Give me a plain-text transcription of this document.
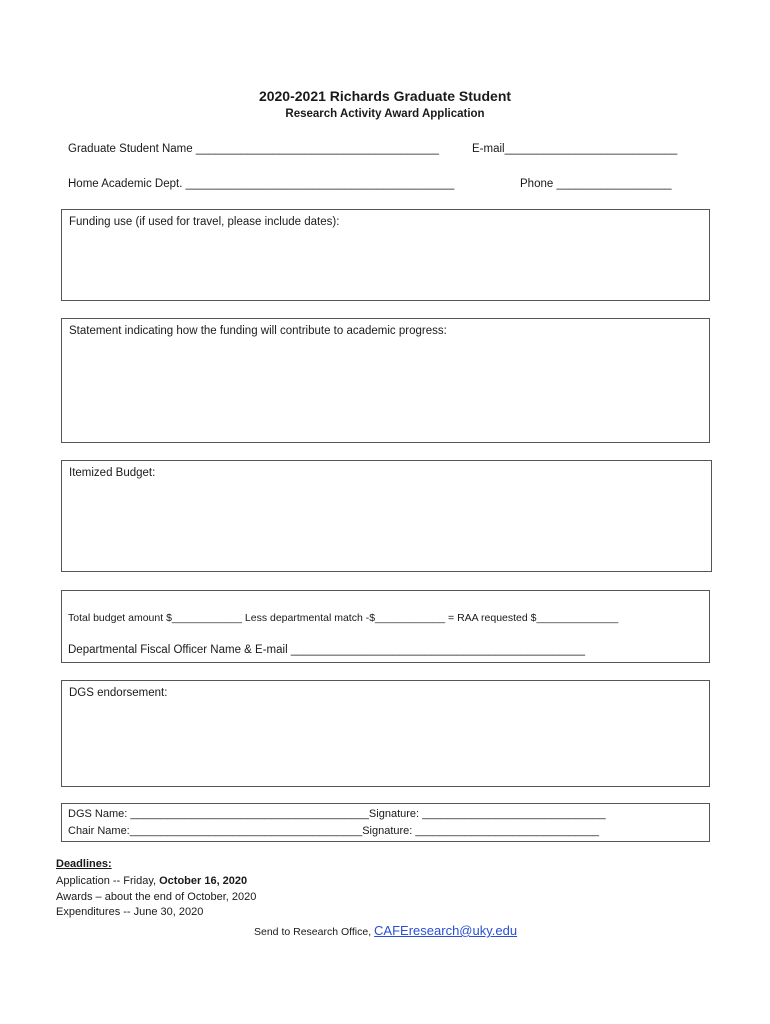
2020-2021 Richards Graduate Student
Research Activity Award Application
Graduate Student Name ______________________________________	E-mail___________________________
Home Academic Dept. __________________________________________	Phone __________________
Funding use (if used for travel, please include dates):
Statement indicating how the funding will contribute to academic progress:
Itemized Budget:
Total budget amount $____________ Less departmental match -$____________ = RAA requested $______________
Departmental Fiscal Officer Name & E-mail ______________________________________________
DGS endorsement:
DGS Name: _______________________________________Signature: ______________________________
Chair Name:______________________________________Signature: ______________________________
Deadlines:
Application -- Friday, October 16, 2020
Awards – about the end of October, 2020
Expenditures -- June 30, 2020
Send to Research Office, CAFEresearch@uky.edu
